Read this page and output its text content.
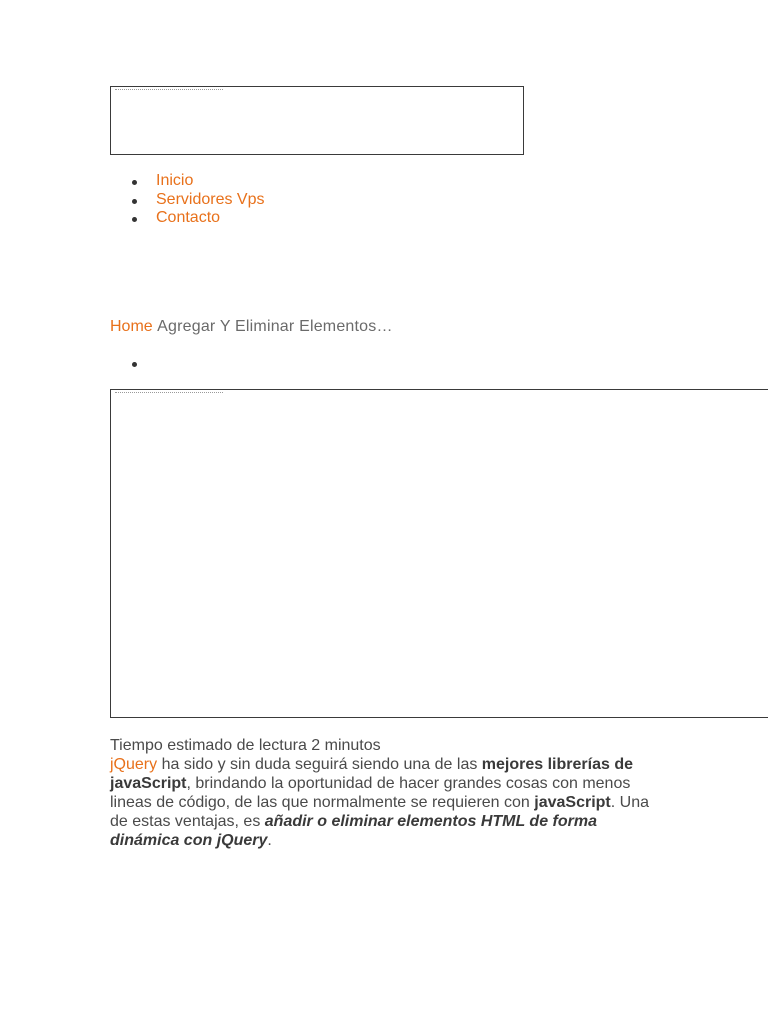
Inicio
Servidores Vps
Contacto
Home Agregar Y Eliminar Elementos…

Tiempo estimado de lectura 2 minutos

jQuery ha sido y sin duda seguirá siendo una de las mejores librerías de javaScript, brindando la oportunidad de hacer grandes cosas con menos lineas de código, de las que normalmente se requieren con javaScript. Una de estas ventajas, es añadir o eliminar elementos HTML de forma dinámica con jQuery.
